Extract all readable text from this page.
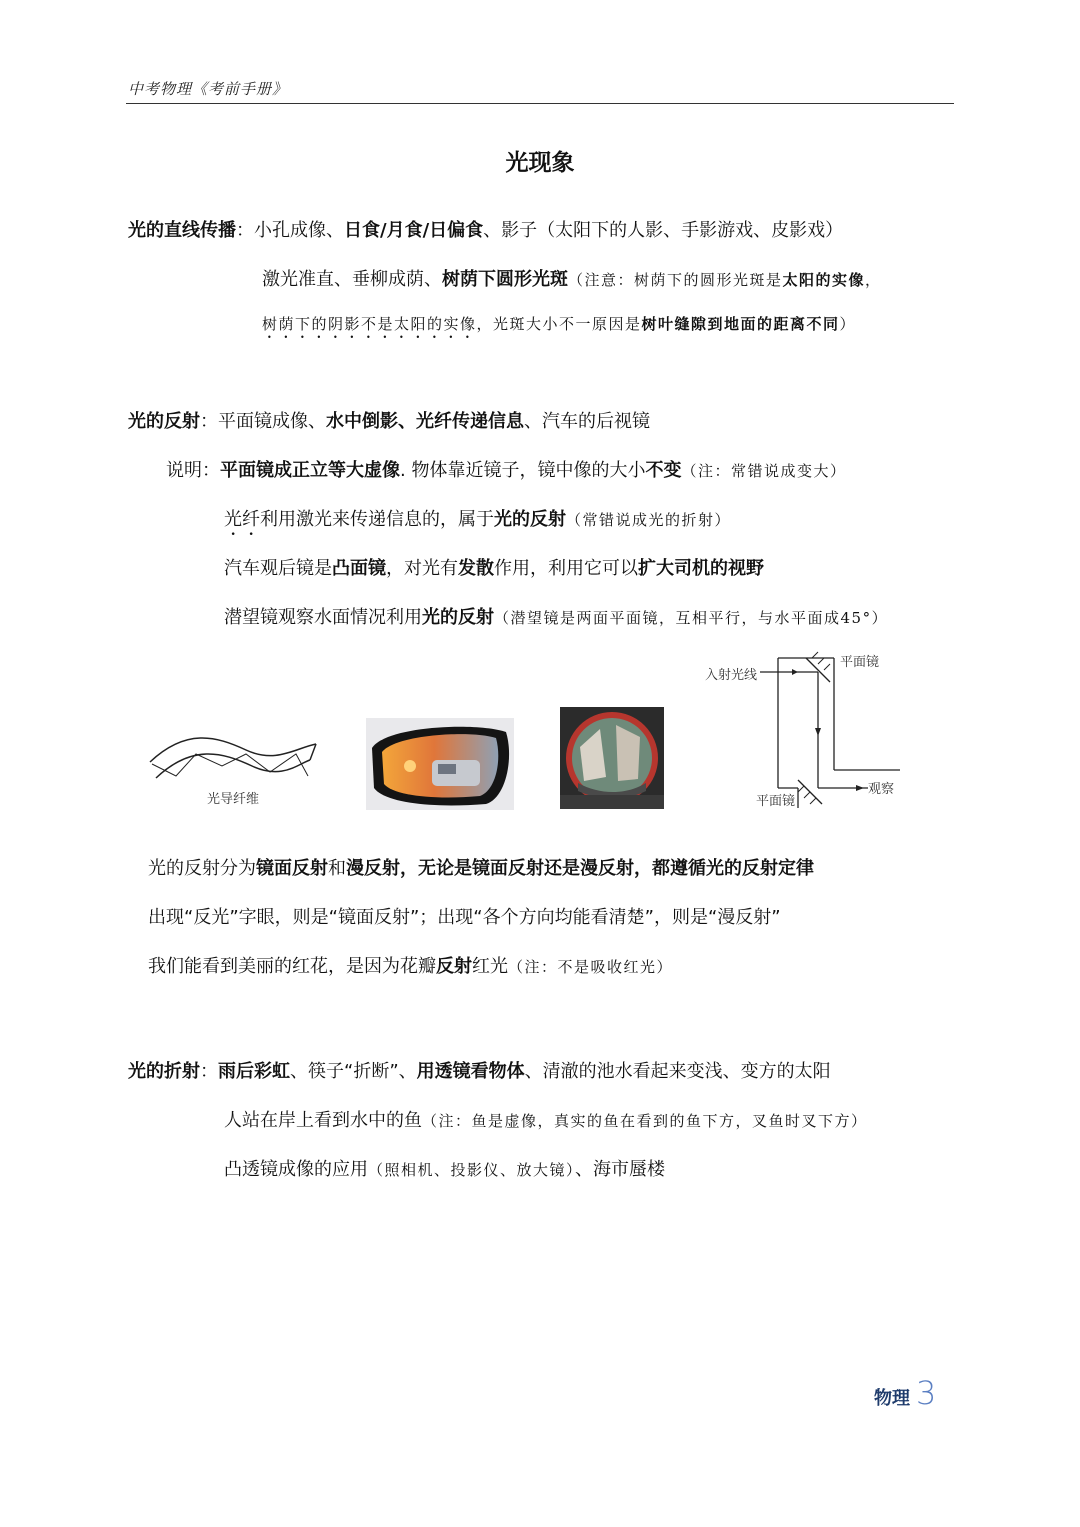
中考物理《考前手册》
光现象
光的直线传播：小孔成像、日食/月食/日偏食、影子（太阳下的人影、手影游戏、皮影戏）
激光准直、垂柳成荫、树荫下圆形光斑（注意：树荫下的圆形光斑是太阳的实像，
树荫下的阴影不是太阳的实像，光斑大小不一原因是树叶缝隙到地面的距离不同）
光的反射：平面镜成像、水中倒影、光纤传递信息、汽车的后视镜
说明：平面镜成正立等大虚像. 物体靠近镜子，镜中像的大小不变（注：常错说成变大）
光纤利用激光来传递信息的，属于光的反射（常错说成光的折射）
汽车观后镜是凸面镜，对光有发散作用，利用它可以扩大司机的视野
潜望镜观察水面情况利用光的反射（潜望镜是两面平面镜，互相平行，与水平面成45°）
光导纤维
入射光线
平面镜
平面镜
观察
光的反射分为镜面反射和漫反射，无论是镜面反射还是漫反射，都遵循光的反射定律
出现“反光”字眼，则是“镜面反射”；出现“各个方向均能看清楚”，则是“漫反射”
我们能看到美丽的红花，是因为花瓣反射红光（注：不是吸收红光）
光的折射：雨后彩虹、筷子“折断”、用透镜看物体、清澈的池水看起来变浅、变方的太阳
人站在岸上看到水中的鱼（注：鱼是虚像，真实的鱼在看到的鱼下方，叉鱼时叉下方）
凸透镜成像的应用（照相机、投影仪、放大镜）、海市蜃楼
物理 3
